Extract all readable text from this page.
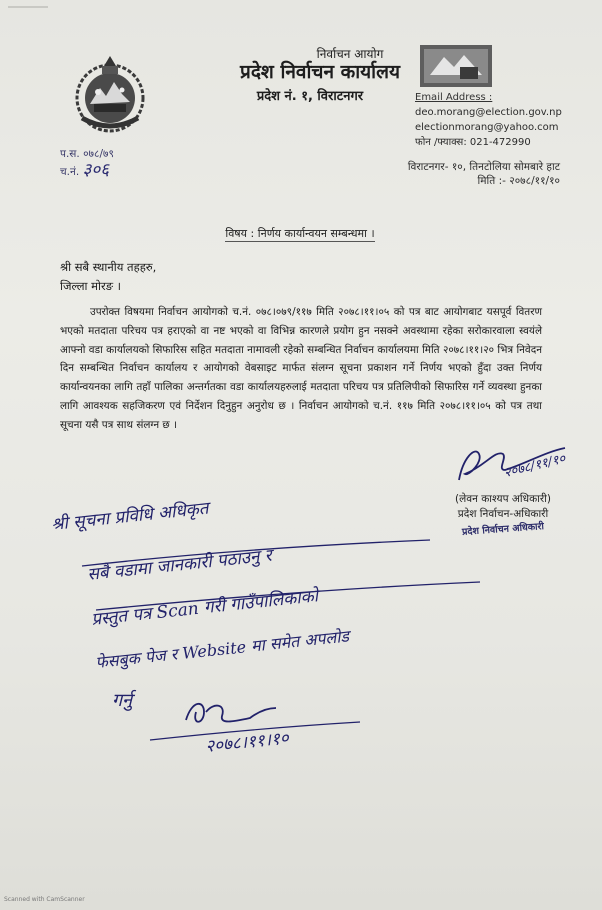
निर्वाचन आयोग
प्रदेश निर्वाचन कार्यालय
प्रदेश नं. १, विराटनगर	Email Address :
deo.morang@election.gov.np
electionmorang@yahoo.com
फोन /फ्याक्स: 021-472990
प.स. ०७८/७९
च.नं. ३०६	विराटनगर- १०, तिनटोलिया सोमबारे हाट
मिति :- २०७८/११/१०
विषय : निर्णय कार्यान्वयन सम्बन्धमा ।
श्री सबै स्थानीय तहहरु,
जिल्ला मोरङ ।
उपरोक्त विषयमा निर्वाचन आयोगको च.नं. ०७८।०७९/११७ मिति २०७८।११।०५ को पत्र बाट आयोगबाट यसपूर्व वितरण भएको मतदाता परिचय पत्र हराएको वा नष्ट भएको वा विभिन्न कारणले प्रयोग हुन नसक्ने अवस्थामा रहेका सरोकारवाला स्वयंले आफ्नो वडा कार्यालयको सिफारिस सहित मतदाता नामावली रहेको सम्बन्धित निर्वाचन कार्यालयमा मिति २०७८।११।२० भित्र निवेदन दिन सम्बन्धित निर्वाचन कार्यालय र आयोगको वेबसाइट मार्फत संलग्न सूचना प्रकाशन गर्ने निर्णय भएको हुँदा उक्त निर्णय कार्यान्वयनका लागि तहाँ पालिका अन्तर्गतका वडा कार्यालयहरुलाई मतदाता परिचय पत्र प्रतिलिपीको सिफारिस गर्ने व्यवस्था हुनका लागि आवश्यक सहजिकरण एवं निर्देशन दिनुहुन अनुरोध छ । निर्वाचन आयोगको च.नं. ११७ मिति २०७८।११।०५ को पत्र तथा सूचना यसै पत्र साथ संलग्न छ ।
२०७८/११/१०
(लेवन काश्यप अधिकारी)
प्रदेश निर्वाचन-अधिकारी
प्रदेश निर्वाचन अधिकारी
श्री सूचना प्रविधि अधिकृत
सबै वडामा जानकारी पठाउनु र
प्रस्तुत पत्र Scan गरी गाउँपालिकाको
फेसबुक पेज र Website मा समेत अपलोड
गर्नु
२०७८।११।१०
Scanned with CamScanner
